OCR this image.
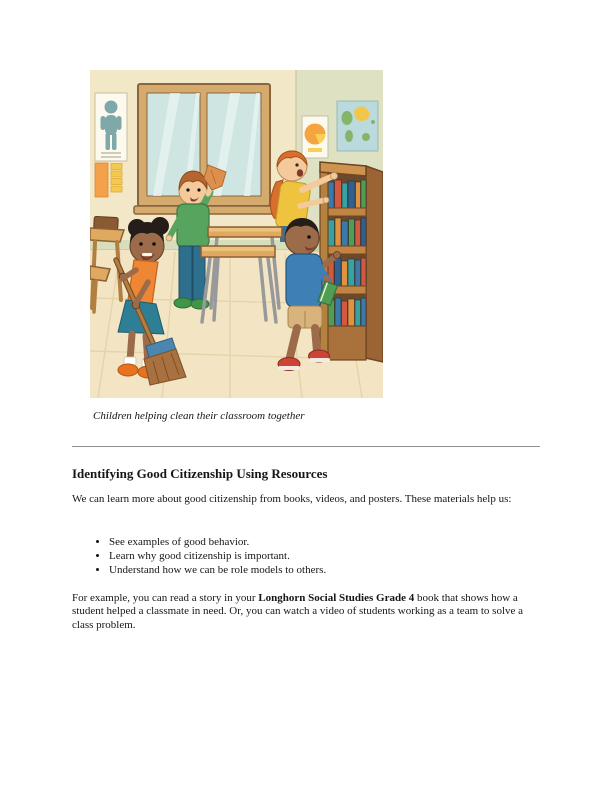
Children helping clean their classroom together
Identifying Good Citizenship Using Resources
We can learn more about good citizenship from books, videos, and posters. These materials help us:
• See examples of good behavior.
• Learn why good citizenship is important.
• Understand how we can be role models to others.
For example, you can read a story in your Longhorn Social Studies Grade 4 book that shows how a student helped a classmate in need. Or, you can watch a video of students working as a team to solve a class problem.
